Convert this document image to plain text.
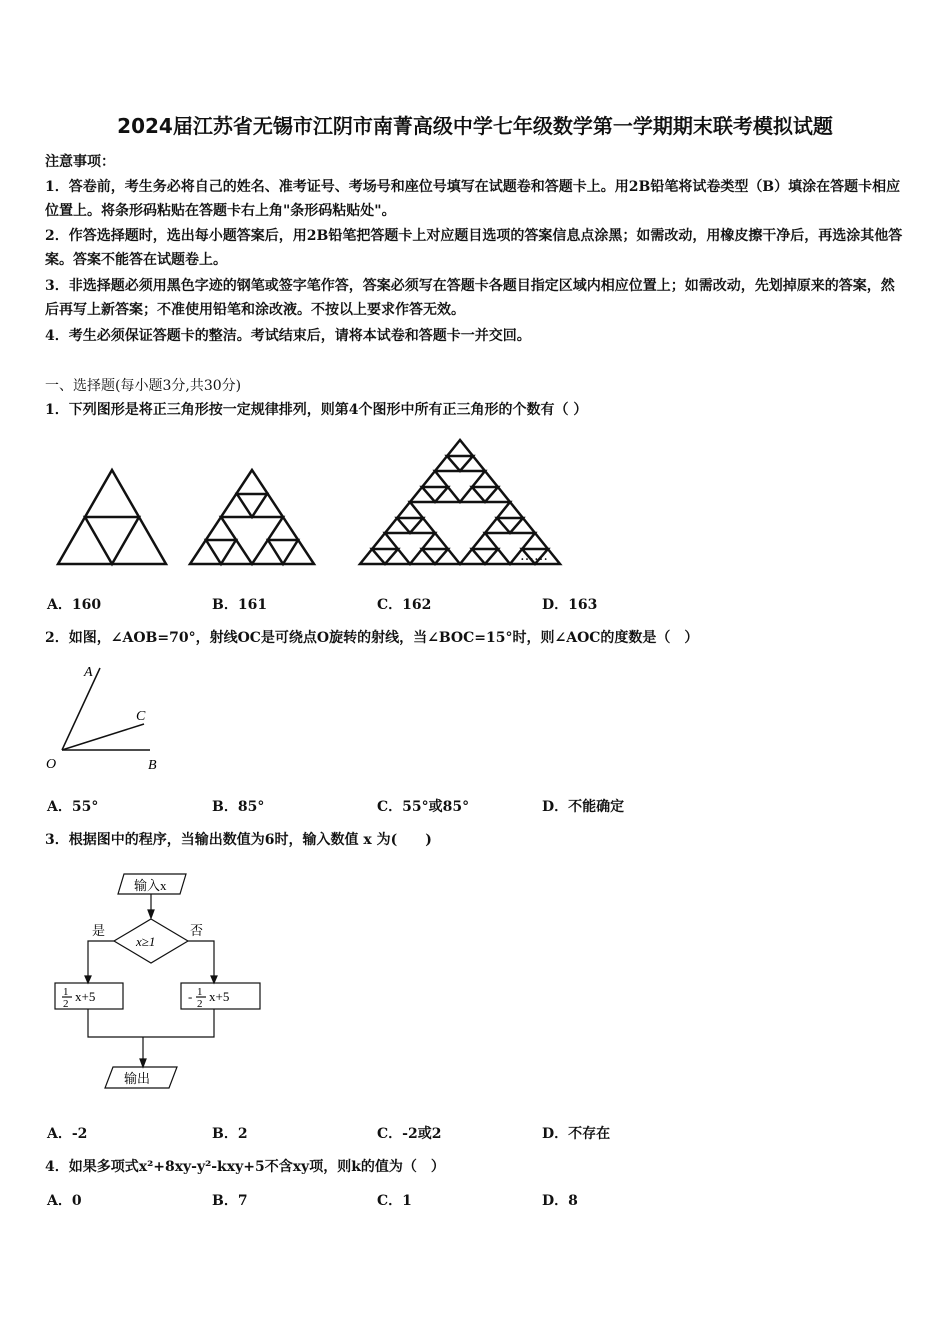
2024届江苏省无锡市江阴市南菁高级中学七年级数学第一学期期末联考模拟试题
注意事项：
1．答卷前，考生务必将自己的姓名、准考证号、考场号和座位号填写在试题卷和答题卡上。用2B铅笔将试卷类型（B）填涂在答题卡相应位置上。将条形码粘贴在答题卡右上角"条形码粘贴处"。
2．作答选择题时，选出每小题答案后，用2B铅笔把答题卡上对应题目选项的答案信息点涂黑；如需改动，用橡皮擦干净后，再选涂其他答案。答案不能答在试题卷上。
3．非选择题必须用黑色字迹的钢笔或签字笔作答，答案必须写在答题卡各题目指定区域内相应位置上；如需改动，先划掉原来的答案，然后再写上新答案；不准使用铅笔和涂改液。不按以上要求作答无效。
4．考生必须保证答题卡的整洁。考试结束后，请将本试卷和答题卡一并交回。
一、选择题(每小题3分,共30分)
1．下列图形是将正三角形按一定规律排列，则第4个图形中所有正三角形的个数有（ ）
……
A．160	B．161	C．162	D．163
2．如图，∠AOB=70°，射线OC是可绕点O旋转的射线，当∠BOC=15°时，则∠AOC的度数是（　）
A
C
O	B
A．55°	B．85°	C．55°或85°	D．不能确定
3．根据图中的程序，当输出数值为6时，输入数值 x 为(　　)
输入x
x≥1
是	否
1
2 x+5	- 1
2 x+5
输出
A．-2	B．2	C．-2或2	D．不存在
4．如果多项式x²+8xy-y²-kxy+5不含xy项，则k的值为（　）
A．0	B．7	C．1	D．8
